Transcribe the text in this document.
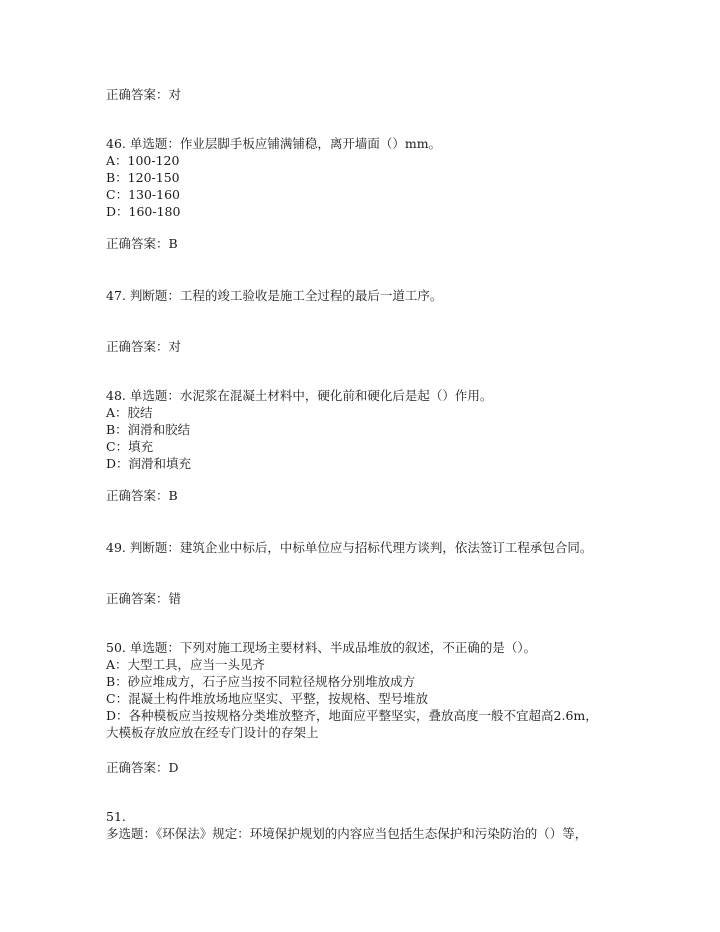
正确答案：对
46. 单选题：作业层脚手板应铺满铺稳，离开墙面（）mm。
A：100-120
B：120-150
C：130-160
D：160-180
正确答案：B
47. 判断题：工程的竣工验收是施工全过程的最后一道工序。
正确答案：对
48. 单选题：水泥浆在混凝土材料中，硬化前和硬化后是起（）作用。
A：胶结
B：润滑和胶结
C：填充
D：润滑和填充
正确答案：B
49. 判断题：建筑企业中标后，中标单位应与招标代理方谈判，依法签订工程承包合同。
正确答案：错
50. 单选题：下列对施工现场主要材料、半成品堆放的叙述，不正确的是（）。
A：大型工具，应当一头见齐
B：砂应堆成方，石子应当按不同粒径规格分别堆放成方
C：混凝土构件堆放场地应坚实、平整，按规格、型号堆放
D：各种模板应当按规格分类堆放整齐，地面应平整坚实，叠放高度一般不宜超高2.6m，
大模板存放应放在经专门设计的存架上
正确答案：D
51.
多选题：《环保法》规定：环境保护规划的内容应当包括生态保护和污染防治的（）等，
